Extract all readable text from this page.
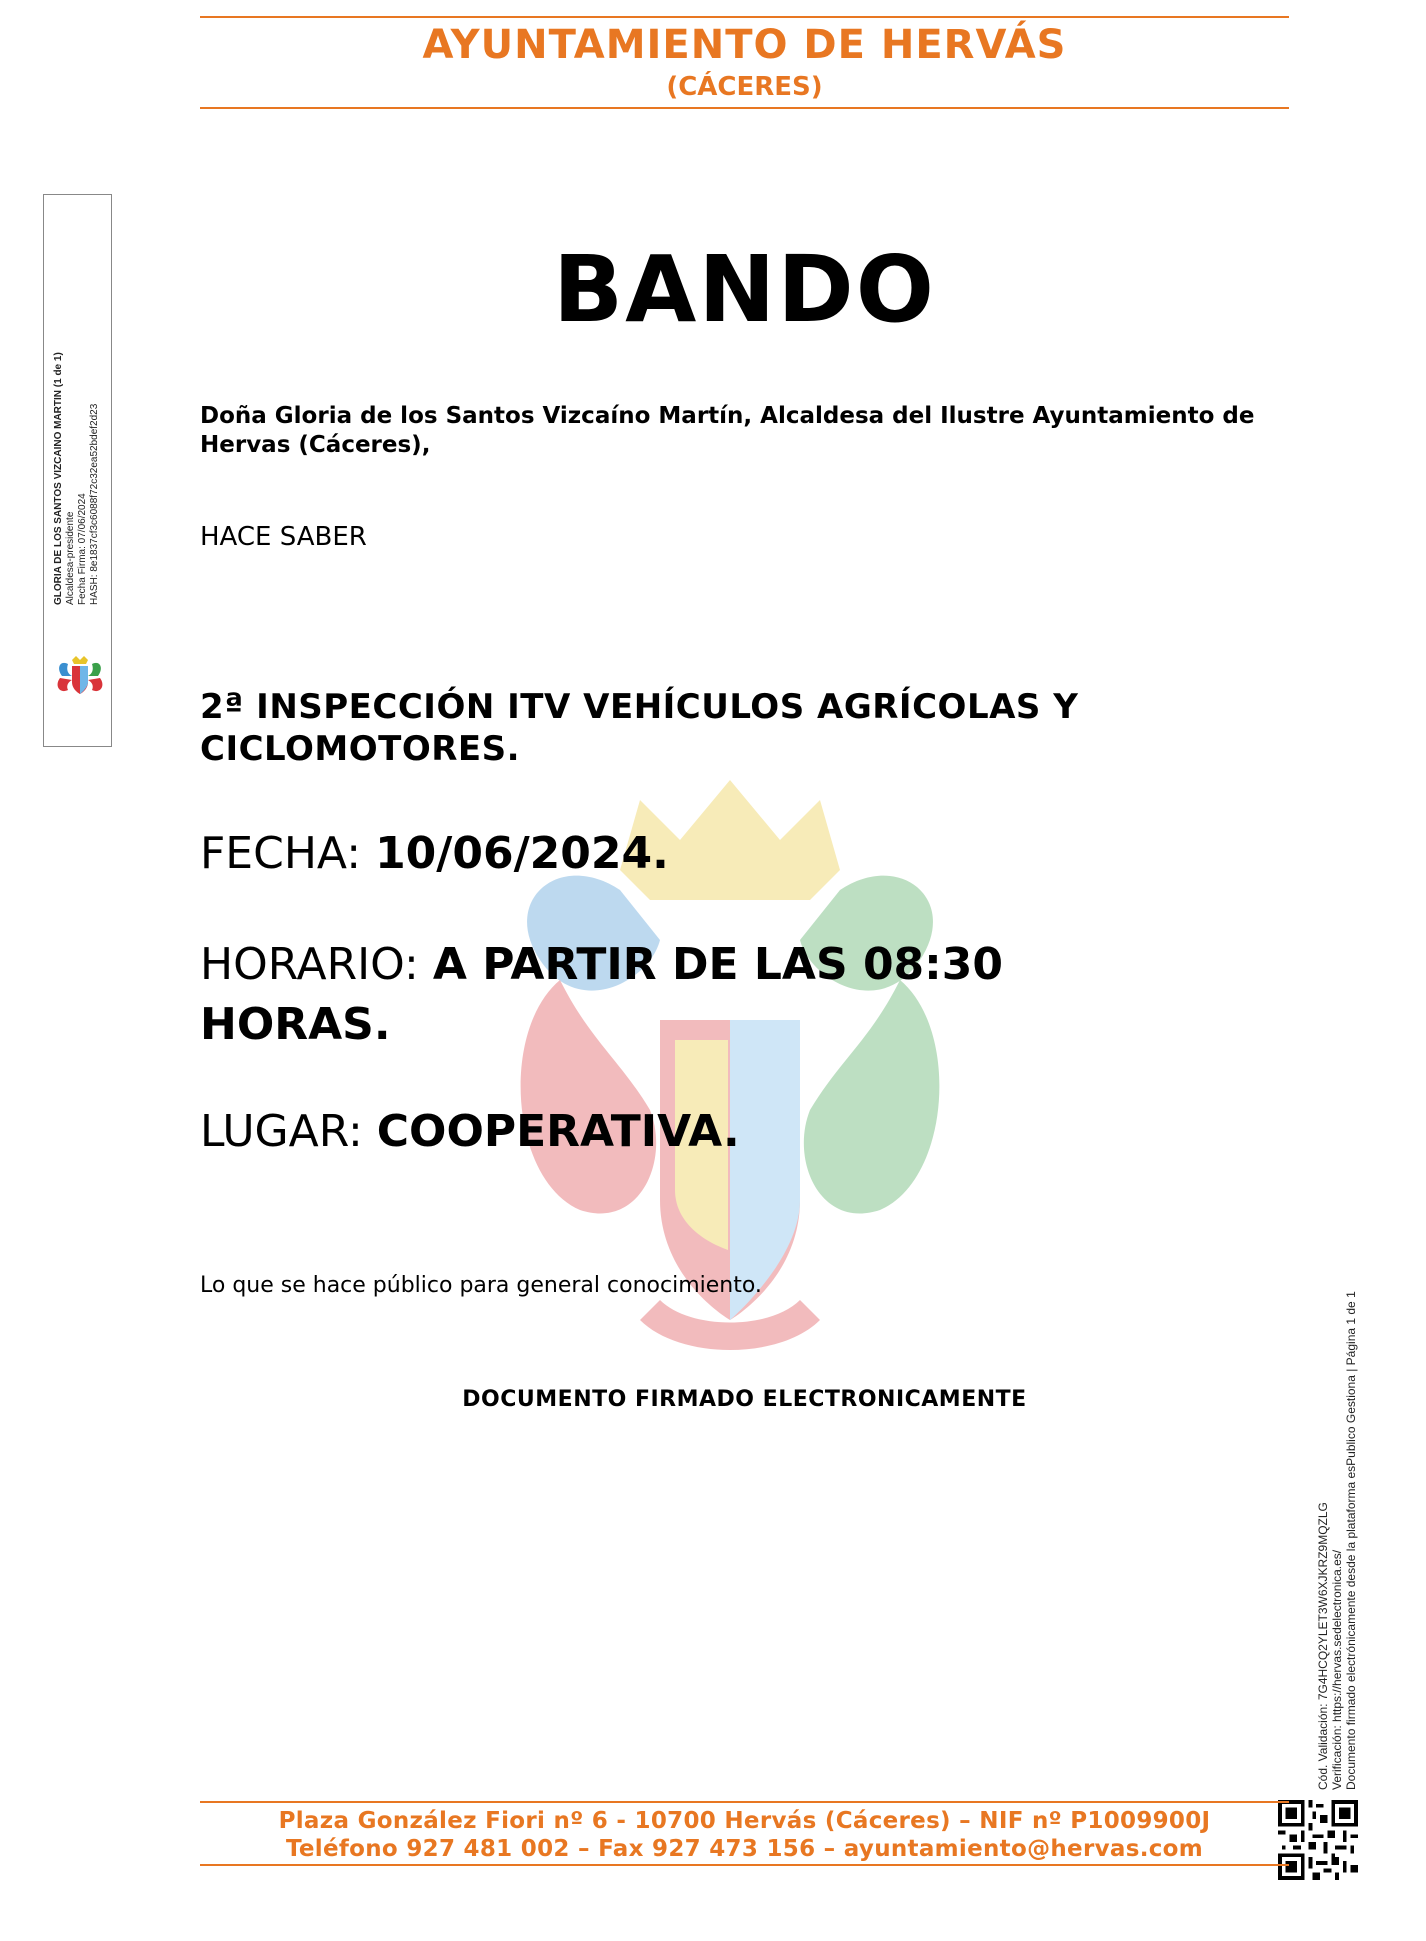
AYUNTAMIENTO DE HERVÁS
(CÁCERES)
GLORIA DE LOS SANTOS VIZCAINO MARTIN (1 de 1) Alcaldesa-presidente Fecha Firma: 07/06/2024 HASH: 8e1837cf3c6088f72c32ea52bdef2d23
BANDO
Doña Gloria de los Santos Vizcaíno Martín, Alcaldesa del Ilustre Ayuntamiento de Hervas (Cáceres),
HACE SABER
2ª INSPECCIÓN ITV VEHÍCULOS AGRÍCOLAS Y CICLOMOTORES.
FECHA: 10/06/2024.
HORARIO: A PARTIR DE LAS 08:30 HORAS.
LUGAR: COOPERATIVA.
Lo que se hace público para general conocimiento.
DOCUMENTO FIRMADO ELECTRONICAMENTE
Cód. Validación: 7G4HCQ2YLET3W6XJKRZ9MQZLG Verificación: https://hervas.sedelectronica.es/ Documento firmado electrónicamente desde la plataforma esPublico Gestiona | Página 1 de 1
Plaza González Fiori nº 6 - 10700 Hervás (Cáceres) – NIF nº P1009900J
Teléfono 927 481 002 – Fax 927 473 156 – ayuntamiento@hervas.com
